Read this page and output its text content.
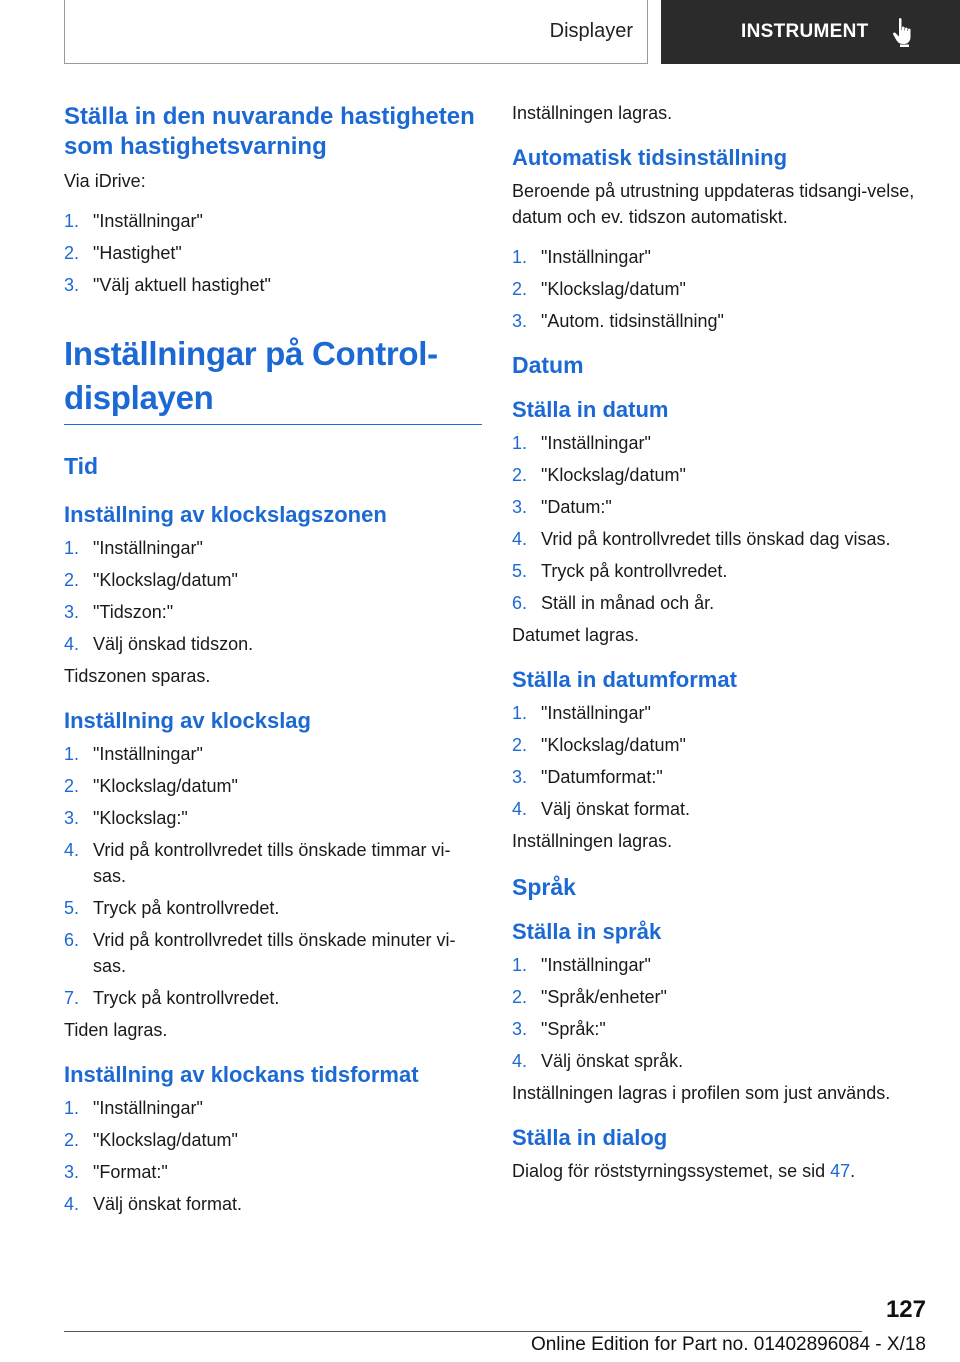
Displayer	INSTRUMENT
Ställa in den nuvarande hastigheten som hastighetsvarning
Via iDrive:
1. "Inställningar"
2. "Hastighet"
3. "Välj aktuell hastighet"
Inställningar på Control-displayen
Tid
Inställning av klockslagszonen
1. "Inställningar"
2. "Klockslag/datum"
3. "Tidszon:"
4. Välj önskad tidszon.
Tidszonen sparas.
Inställning av klockslag
1. "Inställningar"
2. "Klockslag/datum"
3. "Klockslag:"
4. Vrid på kontrollvredet tills önskade timmar vi-sas.
5. Tryck på kontrollvredet.
6. Vrid på kontrollvredet tills önskade minuter vi-sas.
7. Tryck på kontrollvredet.
Tiden lagras.
Inställning av klockans tidsformat
1. "Inställningar"
2. "Klockslag/datum"
3. "Format:"
4. Välj önskat format.
Inställningen lagras.
Automatisk tidsinställning
Beroende på utrustning uppdateras tidsangi-velse, datum och ev. tidszon automatiskt.
1. "Inställningar"
2. "Klockslag/datum"
3. "Autom. tidsinställning"
Datum
Ställa in datum
1. "Inställningar"
2. "Klockslag/datum"
3. "Datum:"
4. Vrid på kontrollvredet tills önskad dag visas.
5. Tryck på kontrollvredet.
6. Ställ in månad och år.
Datumet lagras.
Ställa in datumformat
1. "Inställningar"
2. "Klockslag/datum"
3. "Datumformat:"
4. Välj önskat format.
Inställningen lagras.
Språk
Ställa in språk
1. "Inställningar"
2. "Språk/enheter"
3. "Språk:"
4. Välj önskat språk.
Inställningen lagras i profilen som just används.
Ställa in dialog
Dialog för röststyrningssystemet, se sid 47.
127
Online Edition for Part no. 01402896084 - X/18
